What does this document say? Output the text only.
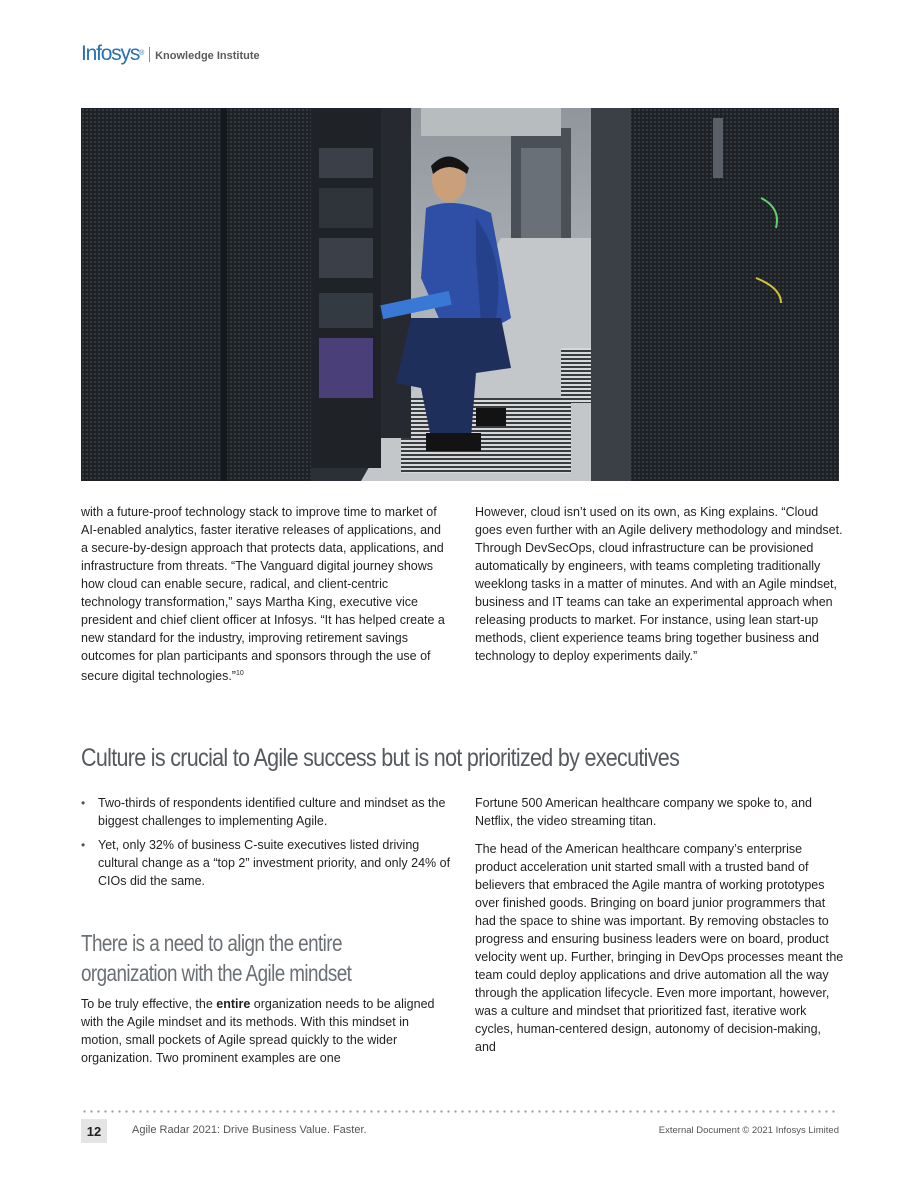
Infosys® Knowledge Institute

with a future-proof technology stack to improve time to market of AI-enabled analytics, faster iterative releases of applications, and a secure-by-design approach that protects data, applications, and infrastructure from threats. “The Vanguard digital journey shows how cloud can enable secure, radical, and client-centric technology transformation,” says Martha King, executive vice president and chief client officer at Infosys. “It has helped create a new standard for the industry, improving retirement savings outcomes for plan participants and sponsors through the use of secure digital technologies.”$^{10}$

However, cloud isn’t used on its own, as King explains. “Cloud goes even further with an Agile delivery methodology and mindset. Through DevSecOps, cloud infrastructure can be provisioned automatically by engineers, with teams completing traditionally weeklong tasks in a matter of minutes. And with an Agile mindset, business and IT teams can take an experimental approach when releasing products to market. For instance, using lean start-up methods, client experience teams bring together business and technology to deploy experiments daily.”

Culture is crucial to Agile success but is not prioritized by executives
• Two-thirds of respondents identified culture and mindset as the biggest challenges to implementing Agile.
• Yet, only 32% of business C-suite executives listed driving cultural change as a “top 2” investment priority, and only 24% of CIOs did the same.
There is a need to align the entire organization with the Agile mindset

To be truly effective, the entire organization needs to be aligned with the Agile mindset and its methods. With this mindset in motion, small pockets of Agile spread quickly to the wider organization. Two prominent examples are one

Fortune 500 American healthcare company we spoke to, and Netflix, the video streaming titan.

The head of the American healthcare company’s enterprise product acceleration unit started small with a trusted band of believers that embraced the Agile mantra of working prototypes over finished goods. Bringing on board junior programmers that had the space to shine was important. By removing obstacles to progress and ensuring business leaders were on board, product velocity went up. Further, bringing in DevOps processes meant the team could deploy applications and drive automation all the way through the application lifecycle. Even more important, however, was a culture and mindset that prioritized fast, iterative work cycles, human-centered design, autonomy of decision-making, and

12	Agile Radar 2021: Drive Business Value. Faster.	External Document © 2021 Infosys Limited
